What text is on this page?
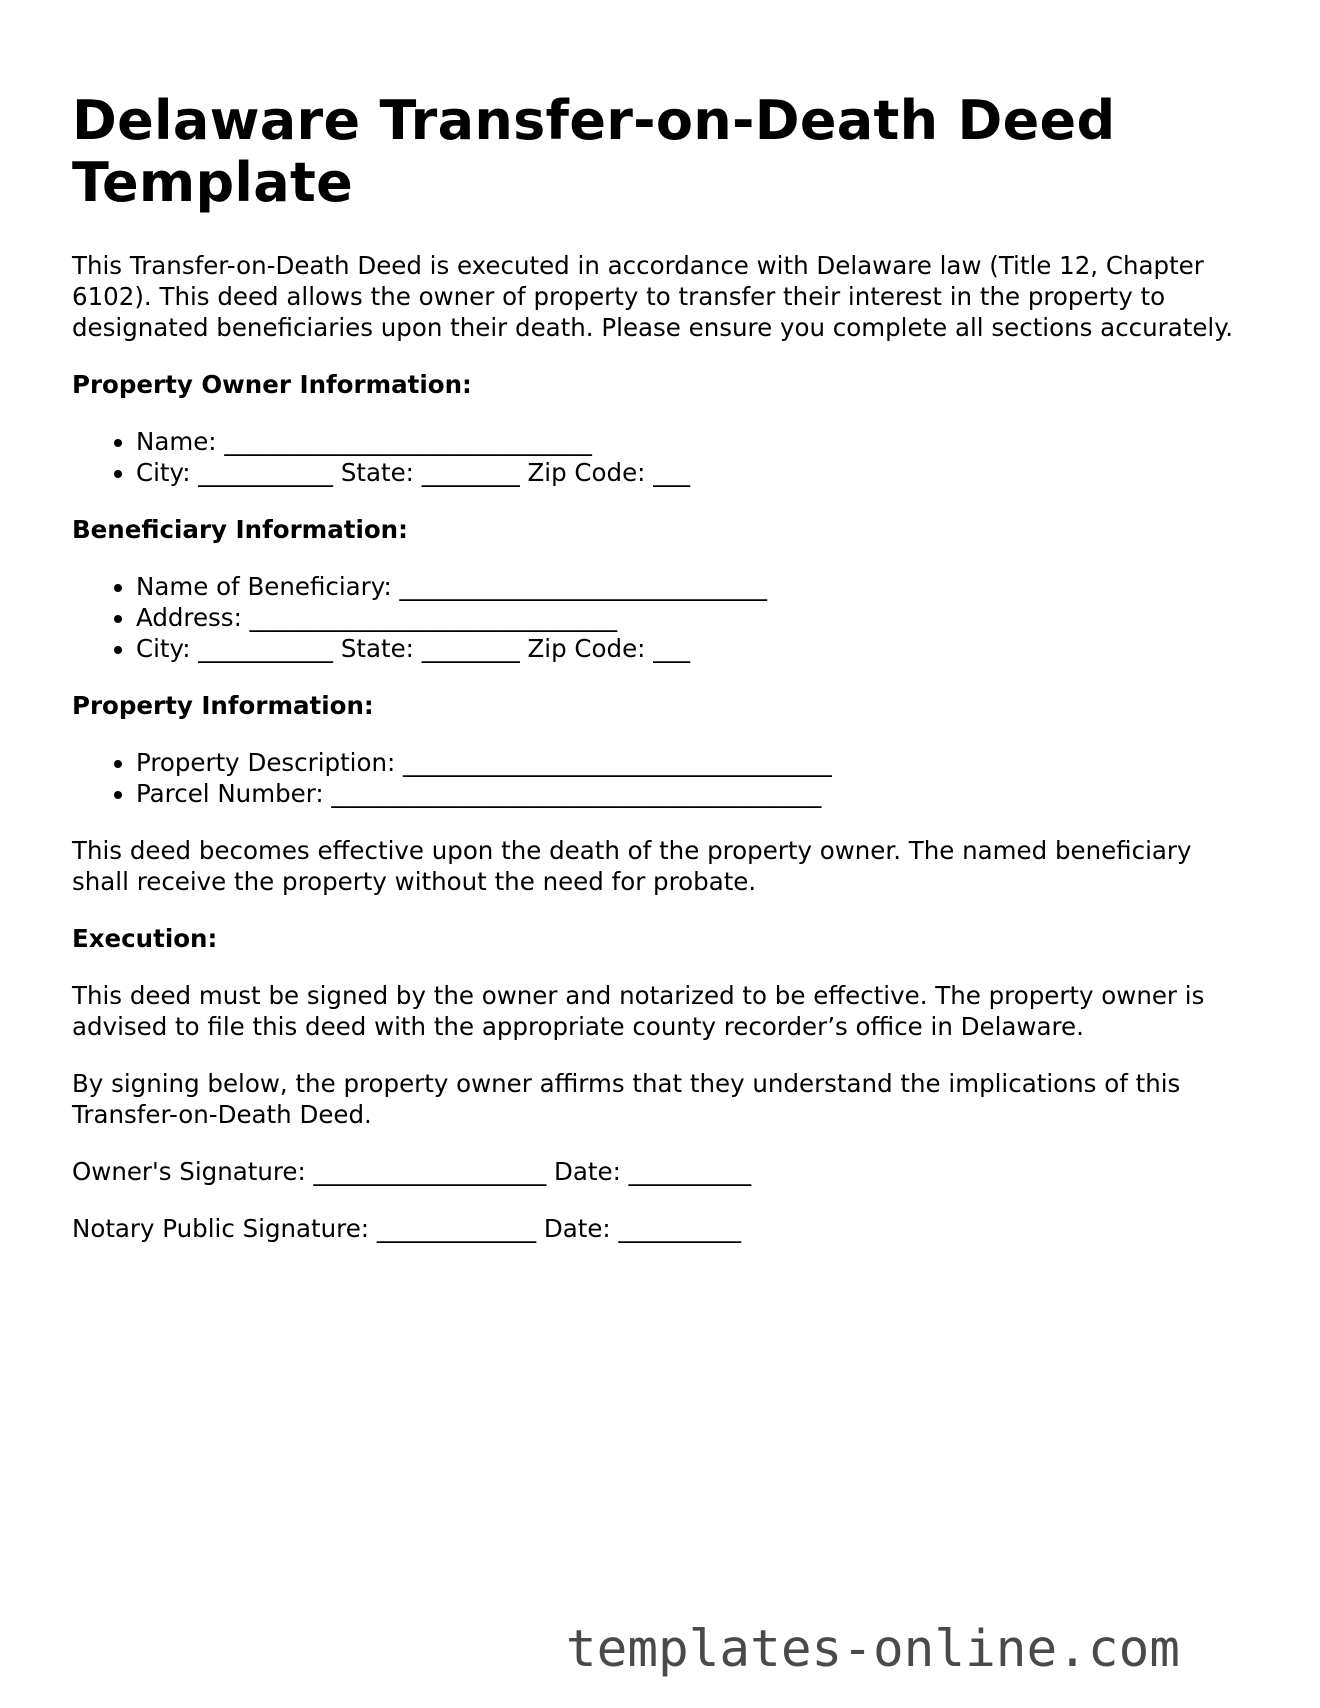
Delaware Transfer-on-Death Deed Template

This Transfer-on-Death Deed is executed in accordance with Delaware law (Title 12, Chapter 6102). This deed allows the owner of property to transfer their interest in the property to designated beneficiaries upon their death. Please ensure you complete all sections accurately.

Property Owner Information:

• Name: ______________________________
• City: ___________ State: ________ Zip Code: ___

Beneficiary Information:

• Name of Beneficiary: ______________________________
• Address: ______________________________
• City: ___________ State: ________ Zip Code: ___

Property Information:

• Property Description: ___________________________________
• Parcel Number: ________________________________________

This deed becomes effective upon the death of the property owner. The named beneficiary shall receive the property without the need for probate.

Execution:

This deed must be signed by the owner and notarized to be effective. The property owner is advised to file this deed with the appropriate county recorder’s office in Delaware.

By signing below, the property owner affirms that they understand the implications of this Transfer-on-Death Deed.

Owner's Signature: ___________________ Date: __________

Notary Public Signature: _____________ Date: __________

templates-online.com
